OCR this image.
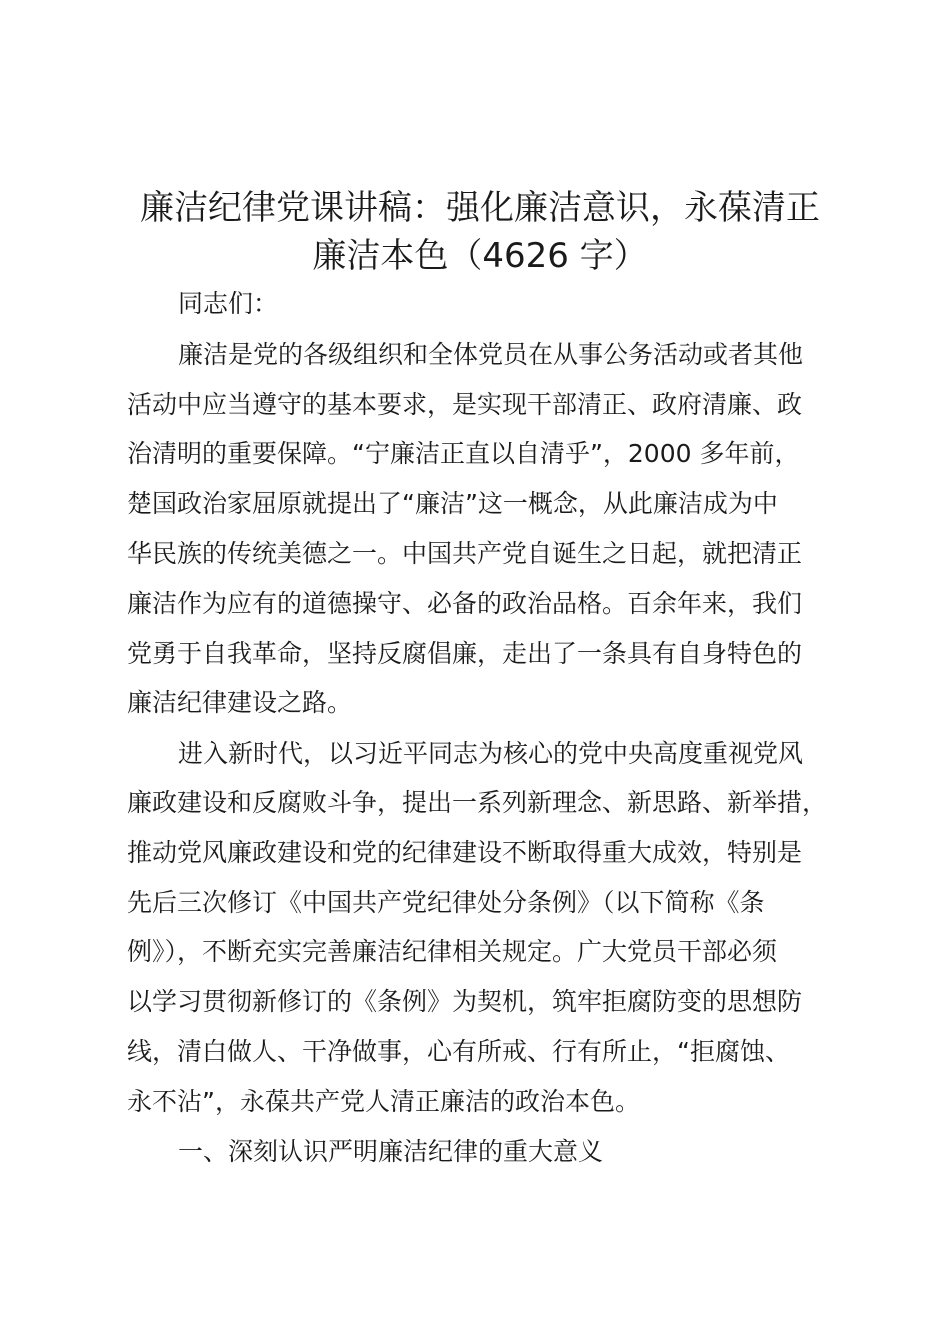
廉洁纪律党课讲稿：强化廉洁意识，永葆清正
廉洁本色（4626 字）

同志们：

廉洁是党的各级组织和全体党员在从事公务活动或者其他

活动中应当遵守的基本要求，是实现干部清正、政府清廉、政

治清明的重要保障。“宁廉洁正直以自清乎”，2000 多年前，

楚国政治家屈原就提出了“廉洁”这一概念，从此廉洁成为中

华民族的传统美德之一。中国共产党自诞生之日起，就把清正

廉洁作为应有的道德操守、必备的政治品格。百余年来，我们

党勇于自我革命，坚持反腐倡廉，走出了一条具有自身特色的

廉洁纪律建设之路。

进入新时代，以习近平同志为核心的党中央高度重视党风

廉政建设和反腐败斗争，提出一系列新理念、新思路、新举措，

推动党风廉政建设和党的纪律建设不断取得重大成效，特别是

先后三次修订《中国共产党纪律处分条例》（以下简称《条

例》），不断充实完善廉洁纪律相关规定。广大党员干部必须

以学习贯彻新修订的《条例》为契机，筑牢拒腐防变的思想防

线，清白做人、干净做事，心有所戒、行有所止，“拒腐蚀、

永不沾”，永葆共产党人清正廉洁的政治本色。

一、深刻认识严明廉洁纪律的重大意义
